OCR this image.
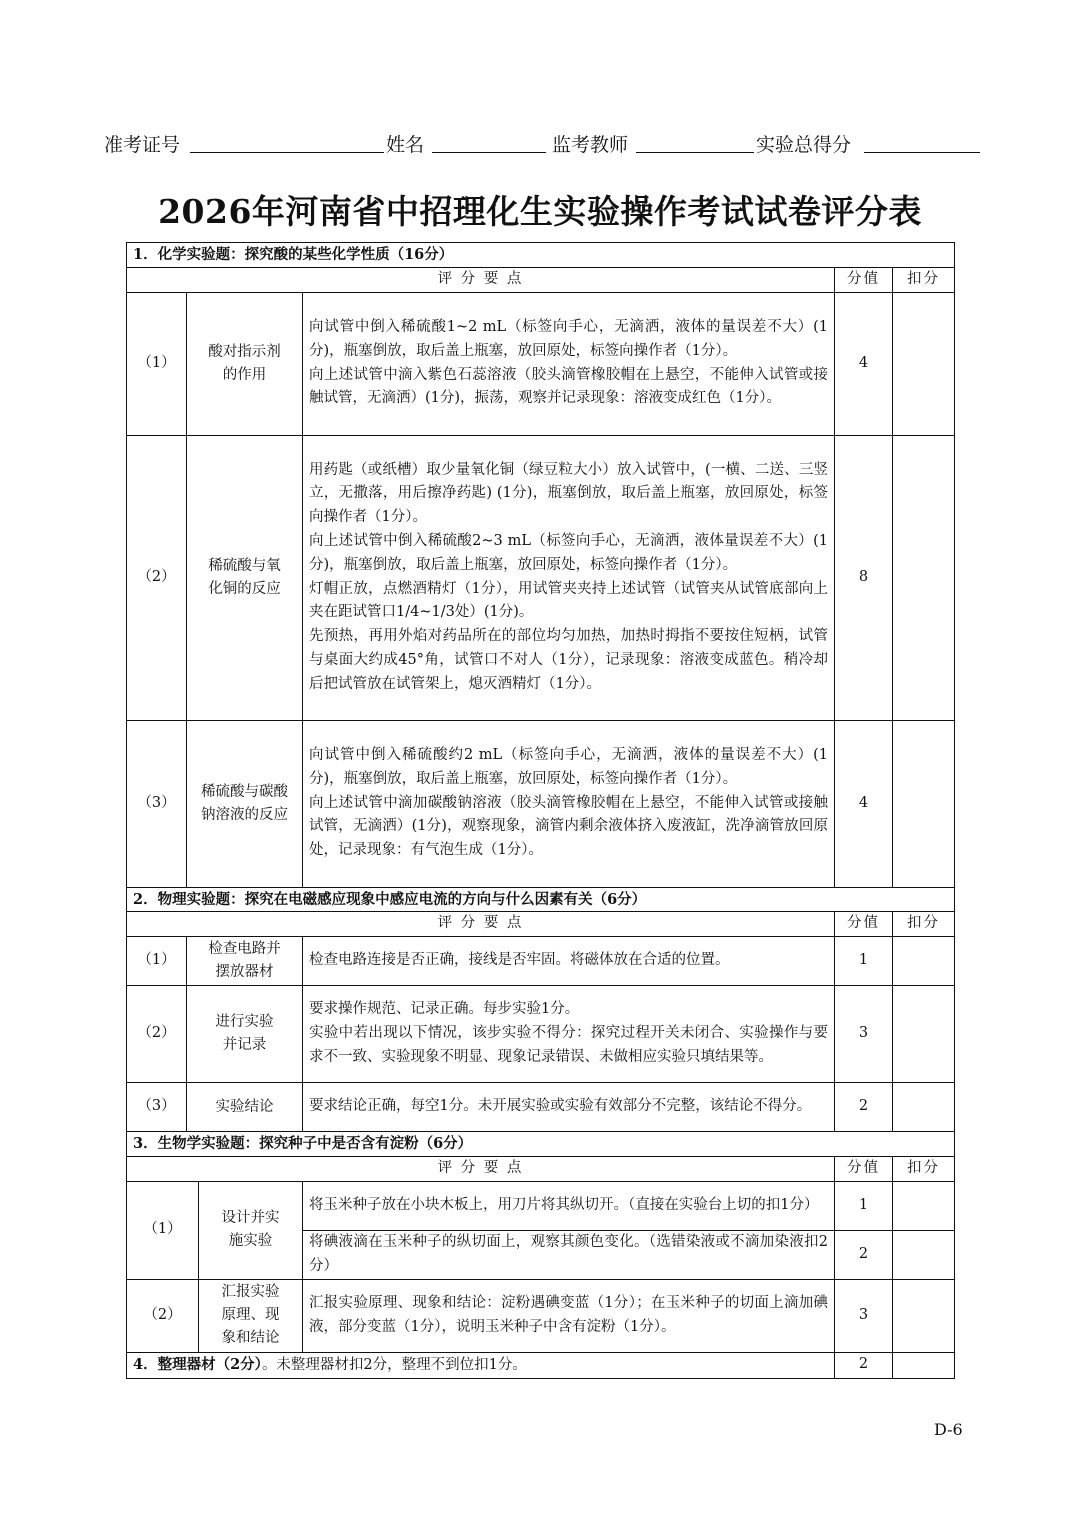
准考证号	姓名	监考教师	实验总得分
2026年河南省中招理化生实验操作考试试卷评分表
1．化学实验题：探究酸的某些化学性质（16分）					
评 分 要 点				分值	扣分
（1）	酸对指示剂的作用		向试管中倒入稀硫酸1~2 mL（标签向手心，无滴洒，液体的量误差不大）(1分)，瓶塞倒放，取后盖上瓶塞，放回原处，标签向操作者（1分）。

向上述试管中滴入紫色石蕊溶液（胶头滴管橡胶帽在上悬空，不能伸入试管或接触试管，无滴洒）(1分)，振荡，观察并记录现象：溶液变成红色（1分）。	4	
（2）	稀硫酸与氧化铜的反应		用药匙（或纸槽）取少量氧化铜（绿豆粒大小）放入试管中，(一横、二送、三竖立，无撒落，用后擦净药匙) (1分)，瓶塞倒放，取后盖上瓶塞，放回原处，标签向操作者（1分）。

向上述试管中倒入稀硫酸2~3 mL（标签向手心，无滴洒，液体量误差不大）(1分)，瓶塞倒放，取后盖上瓶塞，放回原处，标签向操作者（1分）。

灯帽正放，点燃酒精灯（1分），用试管夹夹持上述试管（试管夹从试管底部向上夹在距试管口1/4~1/3处）(1分)。

先预热，再用外焰对药品所在的部位均匀加热，加热时拇指不要按住短柄，试管与桌面大约成45°角，试管口不对人（1分），记录现象：溶液变成蓝色。稍冷却后把试管放在试管架上，熄灭酒精灯（1分）。	8	
（3）	稀硫酸与碳酸钠溶液的反应		向试管中倒入稀硫酸约2 mL（标签向手心，无滴洒，液体的量误差不大）(1分)，瓶塞倒放，取后盖上瓶塞，放回原处，标签向操作者（1分）。

向上述试管中滴加碳酸钠溶液（胶头滴管橡胶帽在上悬空，不能伸入试管或接触试管，无滴洒）(1分)，观察现象，滴管内剩余液体挤入废液缸，洗净滴管放回原处，记录现象：有气泡生成（1分）。	4	
2．物理实验题：探究在电磁感应现象中感应电流的方向与什么因素有关（6分）					
评 分 要 点				分值	扣分
（1）	检查电路并摆放器材		检查电路连接是否正确，接线是否牢固。将磁体放在合适的位置。	1	
（2）	进行实验并记录		要求操作规范、记录正确。每步实验1分。

实验中若出现以下情况，该步实验不得分：探究过程开关未闭合、实验操作与要求不一致、实验现象不明显、现象记录错误、未做相应实验只填结果等。	3	
（3）	实验结论		要求结论正确，每空1分。未开展实验或实验有效部分不完整，该结论不得分。	2	
3．生物学实验题：探究种子中是否含有淀粉（6分）					
评 分 要 点				分值	扣分
（1）		设计并实施实验	将玉米种子放在小块木板上，用刀片将其纵切开。（直接在实验台上切的扣1分）	1	
			将碘液滴在玉米种子的纵切面上，观察其颜色变化。（选错染液或不滴加染液扣2分）	2	
（2）		汇报实验原理、现象和结论	汇报实验原理、现象和结论：淀粉遇碘变蓝（1分）；在玉米种子的切面上滴加碘液，部分变蓝（1分），说明玉米种子中含有淀粉（1分）。	3	
4．整理器材（2分）。未整理器材扣2分，整理不到位扣1分。				2	
D-6
